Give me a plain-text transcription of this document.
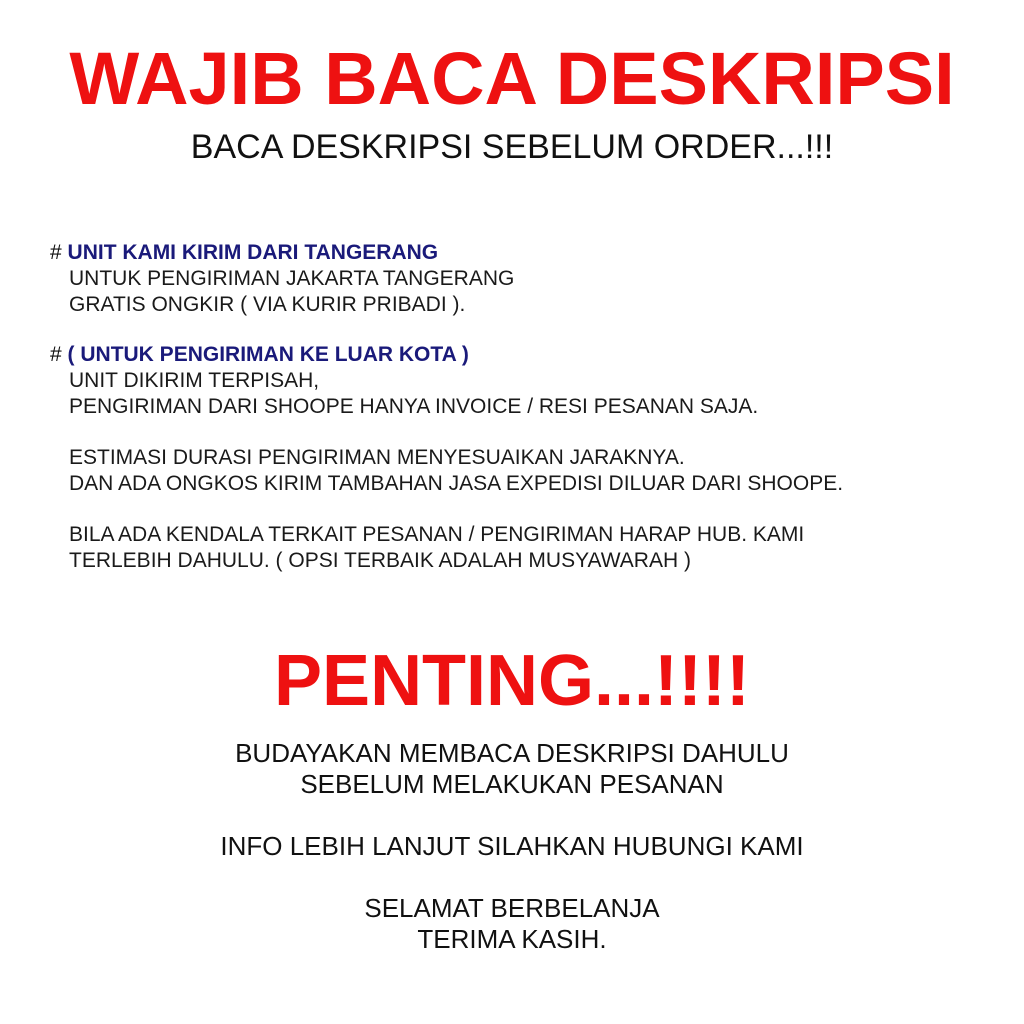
WAJIB BACA DESKRIPSI

BACA DESKRIPSI SEBELUM ORDER...!!!

# UNIT KAMI KIRIM DARI TANGERANG
UNTUK PENGIRIMAN JAKARTA TANGERANG
GRATIS ONGKIR ( VIA KURIR PRIBADI ).
# ( UNTUK PENGIRIMAN KE LUAR KOTA )
UNIT DIKIRIM TERPISAH,
PENGIRIMAN DARI SHOOPE HANYA INVOICE / RESI PESANAN SAJA.
ESTIMASI DURASI PENGIRIMAN MENYESUAIKAN JARAKNYA.
DAN ADA ONGKOS KIRIM TAMBAHAN JASA EXPEDISI DILUAR DARI SHOOPE.
BILA ADA KENDALA TERKAIT PESANAN / PENGIRIMAN HARAP HUB. KAMI
TERLEBIH DAHULU. ( OPSI TERBAIK ADALAH MUSYAWARAH )
PENTING...!!!!
BUDAYAKAN MEMBACA DESKRIPSI DAHULU
SEBELUM MELAKUKAN PESANAN
INFO LEBIH LANJUT SILAHKAN HUBUNGI KAMI
SELAMAT BERBELANJA
TERIMA KASIH.
